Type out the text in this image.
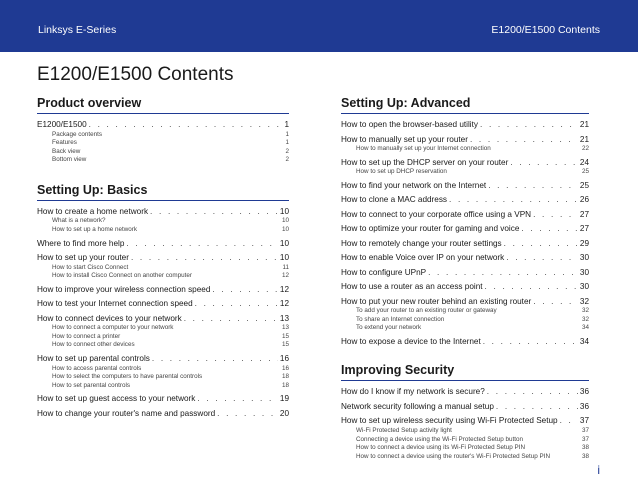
Linksys E-Series	E1200/E1500 Contents
E1200/E1500 Contents
Product overview
E1200/E1500 . . .	1
Package contents	1
Features	1
Back view	2
Bottom view	2
Setting Up: Basics
How to create a home network . . .	10
What is a network?	10
How to set up a home network	10
Where to find more help . . .	10
How to set up your router . . .	10
How to start Cisco Connect	11
How to install Cisco Connect on another computer	12
How to improve your wireless connection speed . . .	12
How to test your Internet connection speed . . .	12
How to connect devices to your network . . .	13
How to connect a computer to your network	13
How to connect a printer	15
How to connect other devices	15
How to set up parental controls . . .	16
How to access parental controls	16
How to select the computers to have parental controls	18
How to set parental controls	18
How to set up guest access to your network . . .	19
How to change your router's name and password . . .	20
Setting Up: Advanced
How to open the browser-based utility . . .	21
How to manually set up your router . . .	21
How to manually set up your Internet connection	22
How to set up the DHCP server on your router . . .	24
How to set up DHCP reservation	25
How to find your network on the Internet . . .	25
How to clone a MAC address . . .	26
How to connect to your corporate office using a VPN . . .	27
How to optimize your router for gaming and voice . . .	27
How to remotely change your router settings . . .	29
How to enable Voice over IP on your network . . .	30
How to configure UPnP . . .	30
How to use a router as an access point . . .	30
How to put your new router behind an existing router . . .	32
To add your router to an existing router or gateway	32
To share an Internet connection	32
To extend your network	34
How to expose a device to the Internet . . .	34
Improving Security
How do I know if my network is secure? . . .	36
Network security following a manual setup . . .	36
How to set up wireless security using Wi-Fi Protected Setup . . .	37
Wi-Fi Protected Setup activity light	37
Connecting a device using the Wi-Fi Protected Setup button	37
How to connect a device using its Wi-Fi Protected Setup PIN	38
How to connect a device using the router's Wi-Fi Protected Setup PIN	38
i
